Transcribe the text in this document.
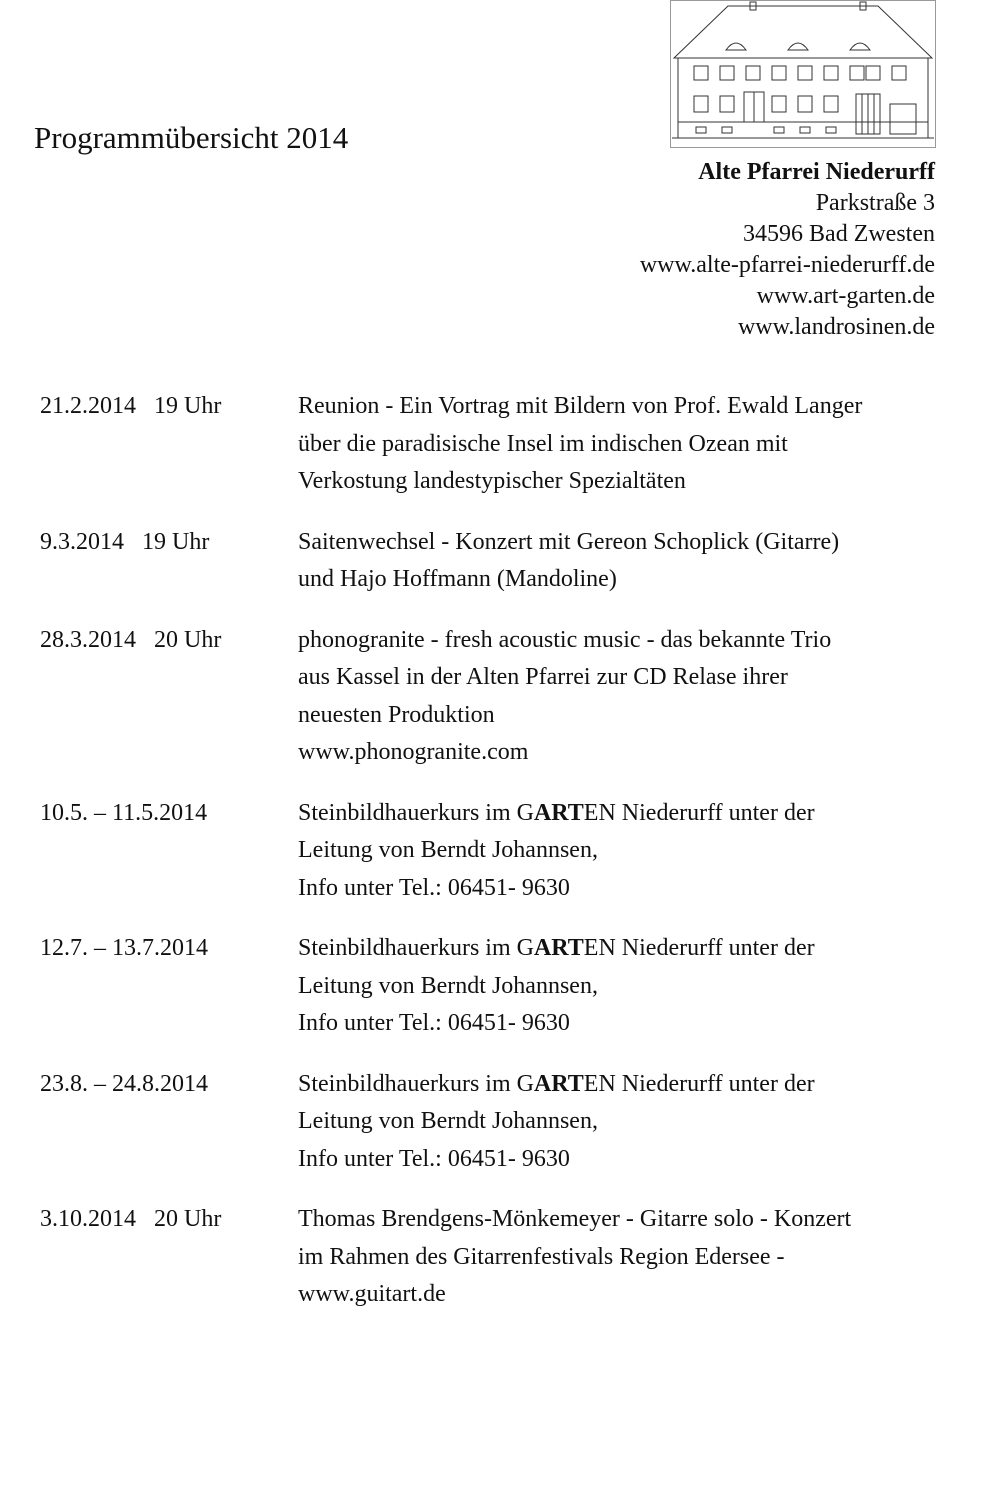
Programmübersicht 2014
Alte Pfarrei Niederurff
Parkstraße 3
34596 Bad Zwesten
www.alte-pfarrei-niederurff.de
www.art-garten.de
www.landrosinen.de
21.2.2014   19 Uhr	Reunion - Ein Vortrag mit Bildern von Prof. Ewald Langer
über die paradisische Insel im indischen Ozean mit
Verkostung landestypischer Spezialtäten
9.3.2014   19 Uhr	Saitenwechsel - Konzert mit Gereon Schoplick (Gitarre)
und Hajo Hoffmann (Mandoline)
28.3.2014   20 Uhr	phonogranite - fresh acoustic music - das bekannte Trio
aus Kassel in der Alten Pfarrei zur CD Relase ihrer
neuesten Produktion
www.phonogranite.com
10.5. – 11.5.2014	Steinbildhauerkurs im GARTEN Niederurff unter der
Leitung von Berndt Johannsen,
Info unter Tel.: 06451- 9630
12.7. – 13.7.2014	Steinbildhauerkurs im GARTEN Niederurff unter der
Leitung von Berndt Johannsen,
Info unter Tel.: 06451- 9630
23.8. – 24.8.2014	Steinbildhauerkurs im GARTEN Niederurff unter der
Leitung von Berndt Johannsen,
Info unter Tel.: 06451- 9630
3.10.2014   20 Uhr	Thomas Brendgens-Mönkemeyer - Gitarre solo - Konzert
im Rahmen des Gitarrenfestivals Region Edersee -
www.guitart.de
